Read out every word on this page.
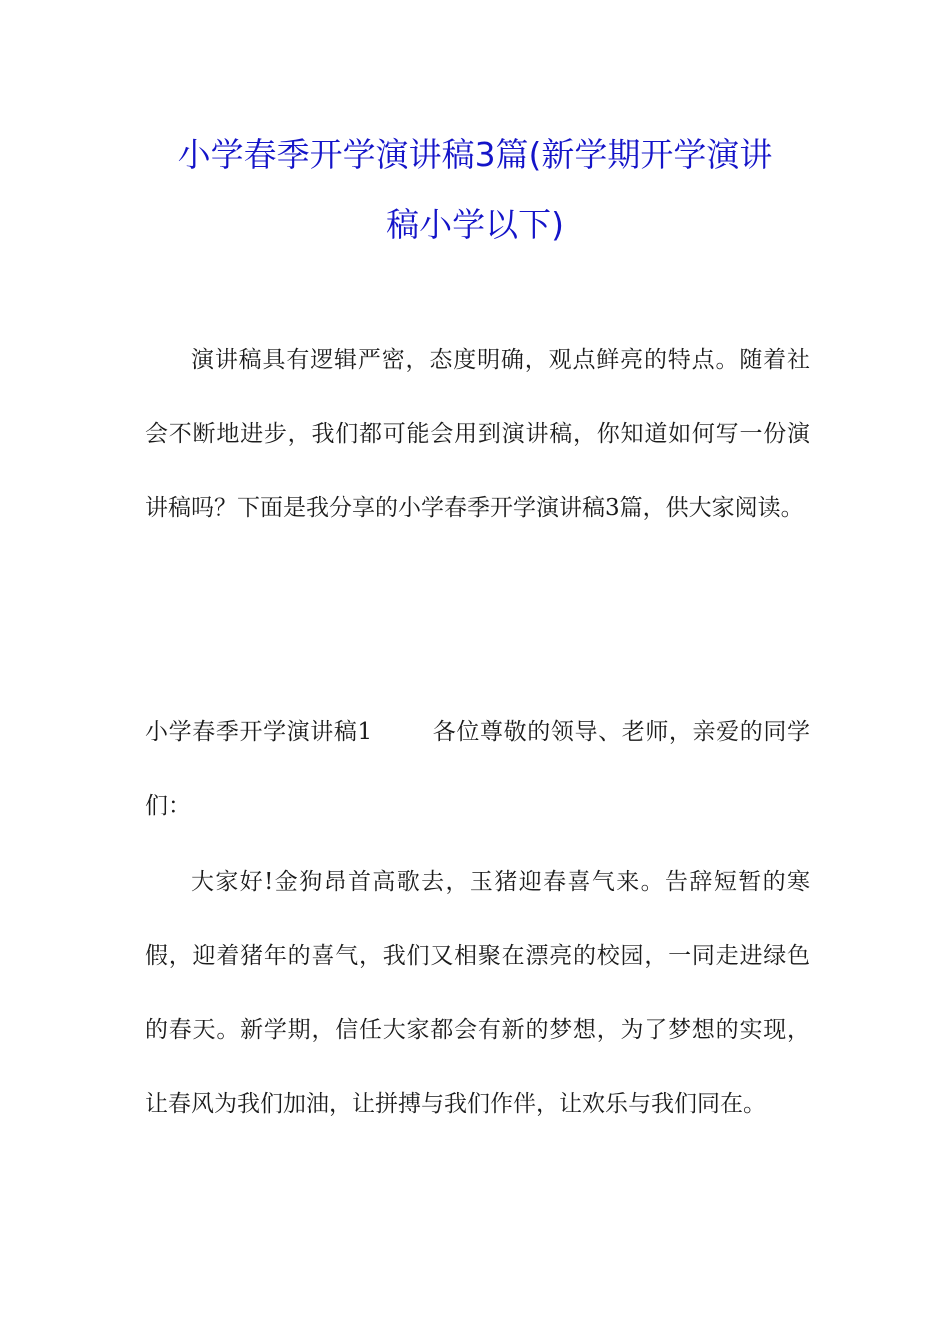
小学春季开学演讲稿3篇(新学期开学演讲
稿小学以下)
演讲稿具有逻辑严密，态度明确，观点鲜亮的特点。随着社会不断地进步，我们都可能会用到演讲稿，你知道如何写一份演讲稿吗？下面是我分享的小学春季开学演讲稿3篇，供大家阅读。
小学春季开学演讲稿1	各位尊敬的领导、老师，亲爱的同学们：
大家好!金狗昂首高歌去，玉猪迎春喜气来。告辞短暂的寒假，迎着猪年的喜气，我们又相聚在漂亮的校园，一同走进绿色的春天。新学期，信任大家都会有新的梦想，为了梦想的实现，让春风为我们加油，让拼搏与我们作伴，让欢乐与我们同在。
